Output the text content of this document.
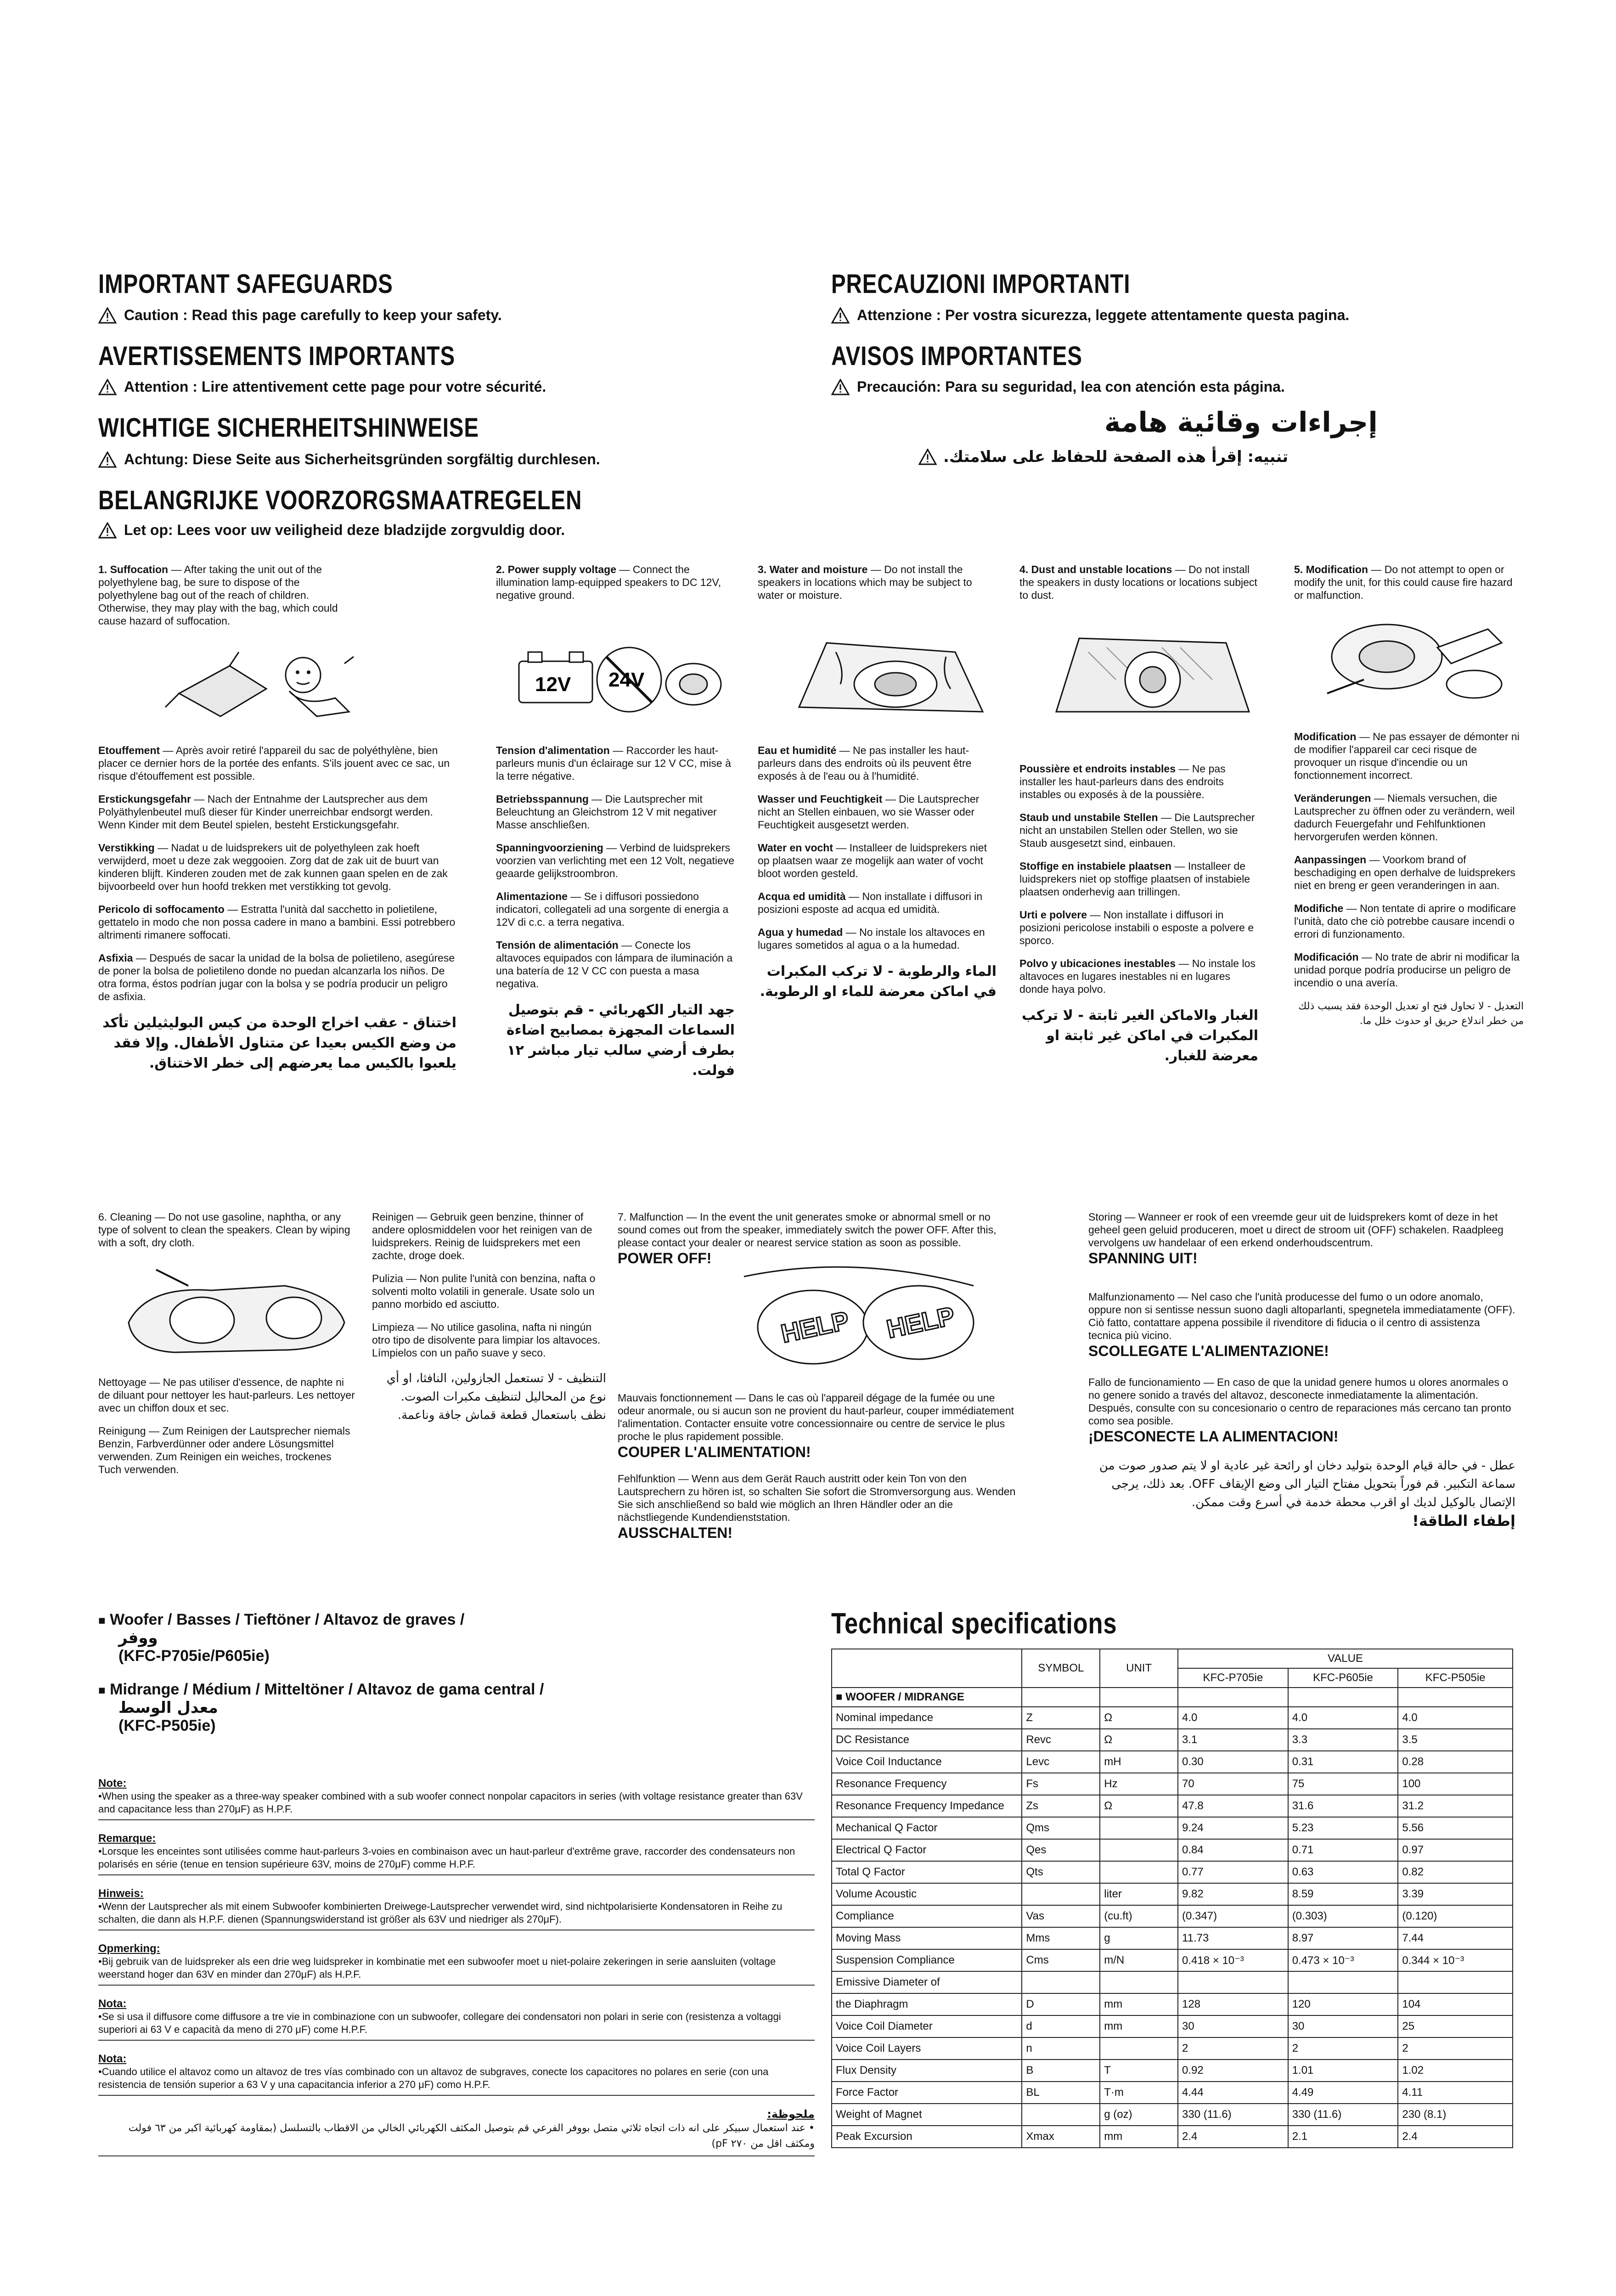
IMPORTANT SAFEGUARDS
Caution : Read this page carefully to keep your safety.
AVERTISSEMENTS IMPORTANTS
Attention : Lire attentivement cette page pour votre sécurité.
WICHTIGE SICHERHEITSHINWEISE
Achtung: Diese Seite aus Sicherheitsgründen sorgfältig durchlesen.
BELANGRIJKE VOORZORGSMAATREGELEN
Let op: Lees voor uw veiligheid deze bladzijde zorgvuldig door.
PRECAUZIONI IMPORTANTI
Attenzione : Per vostra sicurezza, leggete attentamente questa pagina.
AVISOS IMPORTANTES
Precaución: Para su seguridad, lea con atención esta página.
إجراءات وقائية هامة
تنبيه: إقرأ هذه الصفحة للحفاظ على سلامتك.
1. Suffocation — After taking the unit out of the polyethylene bag, be sure to dispose of the polyethylene bag out of the reach of children. Otherwise, they may play with the bag, which could cause hazard of suffocation.
2. Power supply voltage — Connect the illumination lamp-equipped speakers to DC 12V, negative ground.
3. Water and moisture — Do not install the speakers in locations which may be subject to water or moisture.
4. Dust and unstable locations — Do not install the speakers in dusty locations or locations subject to dust.
5. Modification — Do not attempt to open or modify the unit, for this could cause fire hazard or malfunction.
12V 24V

Etouffement — Après avoir retiré l'appareil du sac de polyéthylène, bien placer ce dernier hors de la portée des enfants. S'ils jouent avec ce sac, un risque d'étouffement est possible.

Erstickungsgefahr — Nach der Entnahme der Lautsprecher aus dem Polyäthylenbeutel muß dieser für Kinder unerreichbar endsorgt werden. Wenn Kinder mit dem Beutel spielen, besteht Erstickungsgefahr.

Verstikking — Nadat u de luidsprekers uit de polyethyleen zak hoeft verwijderd, moet u deze zak weggooien. Zorg dat de zak uit de buurt van kinderen blijft. Kinderen zouden met de zak kunnen gaan spelen en de zak bijvoorbeeld over hun hoofd trekken met verstikking tot gevolg.

Pericolo di soffocamento — Estratta l'unità dal sacchetto in polietilene, gettatelo in modo che non possa cadere in mano a bambini. Essi potrebbero altrimenti rimanere soffocati.

Asfixia — Después de sacar la unidad de la bolsa de polietileno, asegúrese de poner la bolsa de polietileno donde no puedan alcanzarla los niños. De otra forma, éstos podrían jugar con la bolsa y se podría producir un peligro de asfixia.

اختناق - عقب اخراج الوحدة من كيس البوليثيلين تأكد من وضع الكيس بعيدا عن متناول الأطفال. وإلا فقد يلعبوا بالكيس مما يعرضهم إلى خطر الاختناق.

Tension d'alimentation — Raccorder les haut-parleurs munis d'un éclairage sur 12 V CC, mise à la terre négative.

Betriebsspannung — Die Lautsprecher mit Beleuchtung an Gleichstrom 12 V mit negativer Masse anschließen.

Spanningvoorziening — Verbind de luidsprekers voorzien van verlichting met een 12 Volt, negatieve geaarde gelijkstroombron.

Alimentazione — Se i diffusori possiedono indicatori, collegateli ad una sorgente di energia a 12V di c.c. a terra negativa.

Tensión de alimentación — Conecte los altavoces equipados con lámpara de iluminación a una batería de 12 V CC con puesta a masa negativa.

جهد التيار الكهربائي - قم بتوصيل السماعات المجهزة بمصابيح اضاءة بطرف أرضي سالب تيار مباشر ١٢ فولت.

Eau et humidité — Ne pas installer les haut-parleurs dans des endroits où ils peuvent être exposés à de l'eau ou à l'humidité.

Wasser und Feuchtigkeit — Die Lautsprecher nicht an Stellen einbauen, wo sie Wasser oder Feuchtigkeit ausgesetzt werden.

Water en vocht — Installeer de luidsprekers niet op plaatsen waar ze mogelijk aan water of vocht bloot worden gesteld.

Acqua ed umidità — Non installate i diffusori in posizioni esposte ad acqua ed umidità.

Agua y humedad — No instale los altavoces en lugares sometidos al agua o a la humedad.

الماء والرطوبة - لا تركب المكبرات في اماكن معرضة للماء او الرطوبة.

Poussière et endroits instables — Ne pas installer les haut-parleurs dans des endroits instables ou exposés à de la poussière.

Staub und unstabile Stellen — Die Lautsprecher nicht an unstabilen Stellen oder Stellen, wo sie Staub ausgesetzt sind, einbauen.

Stoffige en instabiele plaatsen — Installeer de luidsprekers niet op stoffige plaatsen of instabiele plaatsen onderhevig aan trillingen.

Urti e polvere — Non installate i diffusori in posizioni pericolose instabili o esposte a polvere e sporco.

Polvo y ubicaciones inestables — No instale los altavoces en lugares inestables ni en lugares donde haya polvo.

الغبار والاماكن الغير ثابتة - لا تركب المكبرات في اماكن غير ثابتة او معرضة للغبار.

Modification — Ne pas essayer de démonter ni de modifier l'appareil car ceci risque de provoquer un risque d'incendie ou un fonctionnement incorrect.

Veränderungen — Niemals versuchen, die Lautsprecher zu öffnen oder zu verändern, weil dadurch Feuergefahr und Fehlfunktionen hervorgerufen werden können.

Aanpassingen — Voorkom brand of beschadiging en open derhalve de luidsprekers niet en breng er geen veranderingen in aan.

Modifiche — Non tentate di aprire o modificare l'unità, dato che ciò potrebbe causare incendi o errori di funzionamento.

Modificación — No trate de abrir ni modificar la unidad porque podría producirse un peligro de incendio o una avería.

التعديل - لا تحاول فتح او تعديل الوحدة فقد يسبب ذلك من خطر اندلاع حريق او حدوث خلل ما.

6. Cleaning — Do not use gasoline, naphtha, or any type of solvent to clean the speakers. Clean by wiping with a soft, dry cloth.

Nettoyage — Ne pas utiliser d'essence, de naphte ni de diluant pour nettoyer les haut-parleurs. Les nettoyer avec un chiffon doux et sec.

Reinigung — Zum Reinigen der Lautsprecher niemals Benzin, Farbverdünner oder andere Lösungsmittel verwenden. Zum Reinigen ein weiches, trockenes Tuch verwenden.

Reinigen — Gebruik geen benzine, thinner of andere oplosmiddelen voor het reinigen van de luidsprekers. Reinig de luidsprekers met een zachte, droge doek.

Pulizia — Non pulite l'unità con benzina, nafta o solventi molto volatili in generale. Usate solo un panno morbido ed asciutto.

Limpieza — No utilice gasolina, nafta ni ningún otro tipo de disolvente para limpiar los altavoces. Límpielos con un paño suave y seco.

التنظيف - لا تستعمل الجازولين، النافثا، او أي نوع من المحاليل لتنظيف مكبرات الصوت. نظف باستعمال قطعة قماش جافة وناعمة.

7. Malfunction — In the event the unit generates smoke or abnormal smell or no sound comes out from the speaker, immediately switch the power OFF. After this, please contact your dealer or nearest service station as soon as possible.

POWER OFF!
HELP HELP

Mauvais fonctionnement — Dans le cas où l'appareil dégage de la fumée ou une odeur anormale, ou si aucun son ne provient du haut-parleur, couper immédiatement l'alimentation. Contacter ensuite votre concessionnaire ou centre de service le plus proche le plus rapidement possible.

COUPER L'ALIMENTATION!

Fehlfunktion — Wenn aus dem Gerät Rauch austritt oder kein Ton von den Lautsprechern zu hören ist, so schalten Sie sofort die Stromversorgung aus. Wenden Sie sich anschließend so bald wie möglich an Ihren Händler oder an die nächstliegende Kundendienststation.

AUSSCHALTEN!

Storing — Wanneer er rook of een vreemde geur uit de luidsprekers komt of deze in het geheel geen geluid produceren, moet u direct de stroom uit (OFF) schakelen. Raadpleeg vervolgens uw handelaar of een erkend onderhoudscentrum.

SPANNING UIT!

Malfunzionamento — Nel caso che l'unità producesse del fumo o un odore anomalo, oppure non si sentisse nessun suono dagli altoparlanti, spegnetela immediatamente (OFF). Ciò fatto, contattare appena possibile il rivenditore di fiducia o il centro di assistenza tecnica più vicino.

SCOLLEGATE L'ALIMENTAZIONE!

Fallo de funcionamiento — En caso de que la unidad genere humos u olores anormales o no genere sonido a través del altavoz, desconecte inmediatamente la alimentación. Después, consulte con su concesionario o centro de reparaciones más cercano tan pronto como sea posible.

¡DESCONECTE LA ALIMENTACION!

عطل - في حالة قيام الوحدة بتوليد دخان او رائحة غير عادية او لا يتم صدور صوت من سماعة التكبير. قم فوراً بتحويل مفتاح التيار الى وضع الإيقاف OFF. بعد ذلك، يرجى الإتصال بالوكيل لديك او اقرب محطة خدمة في أسرع وقت ممكن.

إطفاء الطاقة!
■ Woofer / Basses / Tieftöner / Altavoz de graves /
ووفر
(KFC-P705ie/P605ie)
■ Midrange / Médium / Mitteltöner / Altavoz de gama central /
معدل الوسط
(KFC-P505ie)
Note:
•When using the speaker as a three-way speaker combined with a sub woofer connect nonpolar capacitors in series (with voltage resistance greater than 63V and capacitance less than 270μF) as H.P.F.
Remarque:
•Lorsque les enceintes sont utilisées comme haut-parleurs 3-voies en combinaison avec un haut-parleur d'extrême grave, raccorder des condensateurs non polarisés en série (tenue en tension supérieure 63V, moins de 270μF) comme H.P.F.
Hinweis:
•Wenn der Lautsprecher als mit einem Subwoofer kombinierten Dreiwege-Lautsprecher verwendet wird, sind nichtpolarisierte Kondensatoren in Reihe zu schalten, die dann als H.P.F. dienen (Spannungswiderstand ist größer als 63V und niedriger als 270μF).
Opmerking:
•Bij gebruik van de luidspreker als een drie weg luidspreker in kombinatie met een subwoofer moet u niet-polaire zekeringen in serie aansluiten (voltage weerstand hoger dan 63V en minder dan 270μF) als H.P.F.
Nota:
•Se si usa il diffusore come diffusore a tre vie in combinazione con un subwoofer, collegare dei condensatori non polari in serie con (resistenza a voltaggi superiori ai 63 V e capacità da meno di 270 μF) come H.P.F.
Nota:
•Cuando utilice el altavoz como un altavoz de tres vías combinado con un altavoz de subgraves, conecte los capacitores no polares en serie (con una resistencia de tensión superior a 63 V y una capacitancia inferior a 270 μF) como H.P.F.
ملحوظة:
• عند استعمال سبيكر على انه ذات اتجاه ثلاثي متصل بووفر الفرعي قم بتوصيل المكثف الكهربائي الخالي من الاقطاب بالتسلسل (بمقاومة كهربائية اكبر من ٦٣ فولت ومكثف اقل من ٢٧٠ pF)
Technical specifications
	SYMBOL	UNIT	VALUE		
			KFC-P705ie	KFC-P605ie	KFC-P505ie
■ WOOFER / MIDRANGE					
Nominal impedance	Z	Ω	4.0	4.0	4.0
DC Resistance	Revc	Ω	3.1	3.3	3.5
Voice Coil Inductance	Levc	mH	0.30	0.31	0.28
Resonance Frequency	Fs	Hz	70	75	100
Resonance Frequency Impedance	Zs	Ω	47.8	31.6	31.2
Mechanical Q Factor	Qms		9.24	5.23	5.56
Electrical Q Factor	Qes		0.84	0.71	0.97
Total Q Factor	Qts		0.77	0.63	0.82
Volume Acoustic		liter	9.82	8.59	3.39
Compliance	Vas	(cu.ft)	(0.347)	(0.303)	(0.120)
Moving Mass	Mms	g	11.73	8.97	7.44
Suspension Compliance	Cms	m/N	0.418 × 10⁻³	0.473 × 10⁻³	0.344 × 10⁻³
Emissive Diameter of					
the Diaphragm	D	mm	128	120	104
Voice Coil Diameter	d	mm	30	30	25
Voice Coil Layers	n		2	2	2
Flux Density	B	T	0.92	1.01	1.02
Force Factor	BL	T·m	4.44	4.49	4.11
Weight of Magnet		g (oz)	330 (11.6)	330 (11.6)	230 (8.1)
Peak Excursion	Xmax	mm	2.4	2.1	2.4
